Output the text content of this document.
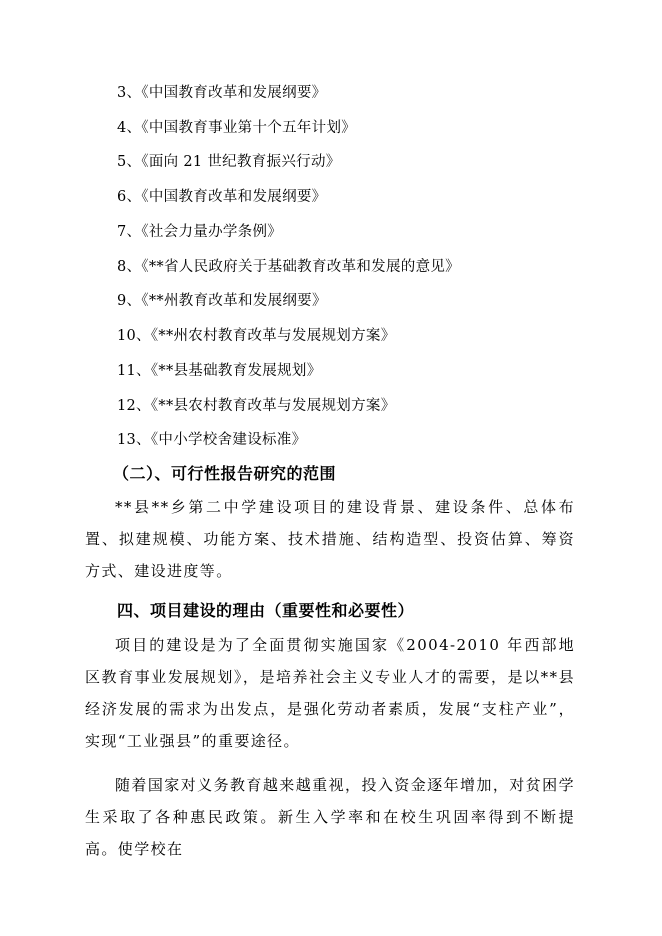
3、《中国教育改革和发展纲要》
4、《中国教育事业第十个五年计划》
5、《面向 21 世纪教育振兴行动》
6、《中国教育改革和发展纲要》
7、《社会力量办学条例》
8、《**省人民政府关于基础教育改革和发展的意见》
9、《**州教育改革和发展纲要》
10、《**州农村教育改革与发展规划方案》
11、《**县基础教育发展规划》
12、《**县农村教育改革与发展规划方案》
13、《中小学校舍建设标准》
（二）、可行性报告研究的范围

**县**乡第二中学建设项目的建设背景、建设条件、总体布置、拟建规模、功能方案、技术措施、结构造型、投资估算、筹资方式、建设进度等。

四、项目建设的理由（重要性和必要性）

项目的建设是为了全面贯彻实施国家《2004-2010 年西部地区教育事业发展规划》，是培养社会主义专业人才的需要，是以**县经济发展的需求为出发点，是强化劳动者素质，发展“支柱产业”，实现“工业强县”的重要途径。

随着国家对义务教育越来越重视，投入资金逐年增加，对贫困学生采取了各种惠民政策。新生入学率和在校生巩固率得到不断提高。使学校在
